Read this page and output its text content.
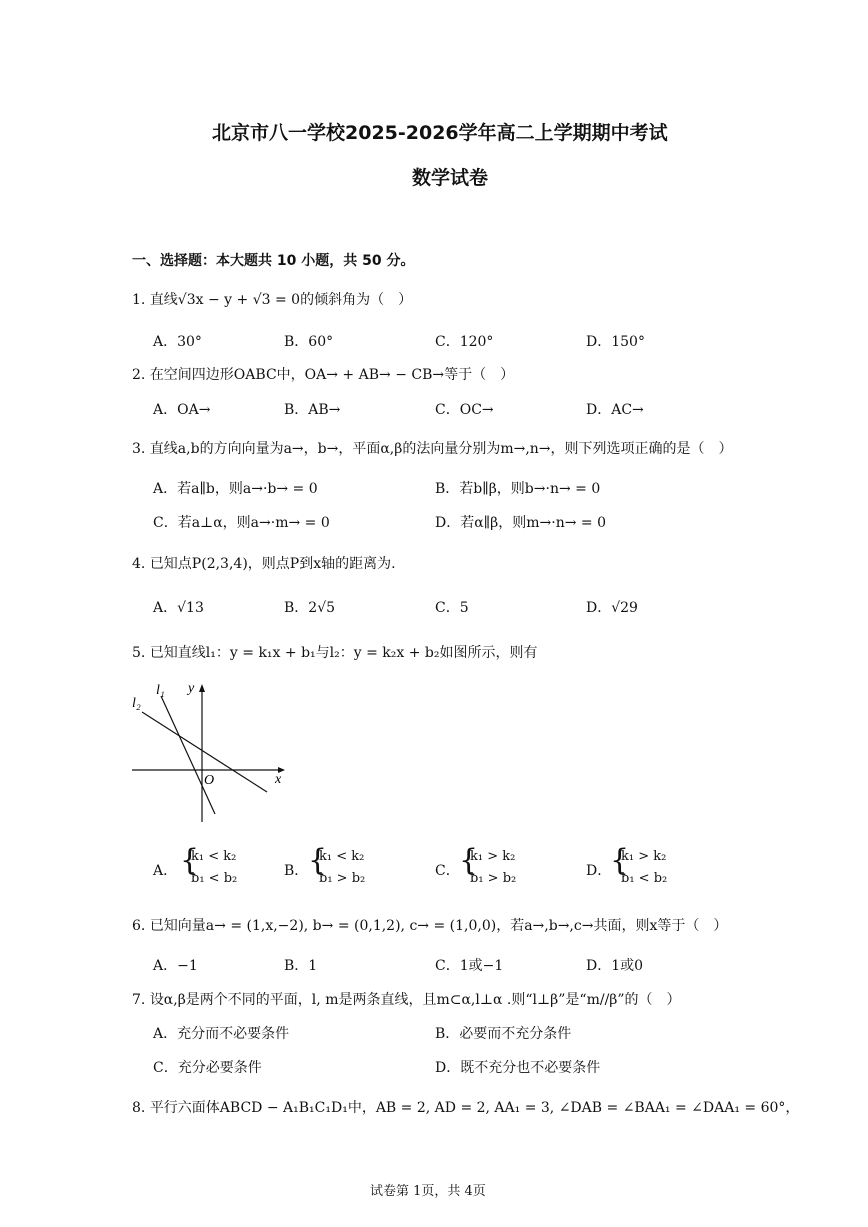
北京市八一学校2025-2026学年高二上学期期中考试
数学试卷
一、选择题：本大题共 10 小题，共 50 分。
1. 直线√3x − y + √3 = 0的倾斜角为（　）
A．30°	B．60°	C．120°	D．150°
2. 在空间四边形OABC中，OA→ + AB→ − CB→等于（　）
A．OA→	B．AB→	C．OC→	D．AC→
3. 直线a,b的方向向量为a→，b→，平面α,β的法向量分别为m→,n→，则下列选项正确的是（　）
A．若a∥b，则a→·b→ = 0	B．若b∥β，则b→·n→ = 0
C．若a⊥α，则a→·m→ = 0	D．若α∥β，则m→·n→ = 0
4. 已知点P(2,3,4)，则点P到x轴的距离为.
A．√13	B．2√5	C．5	D．√29
5. 已知直线l₁：y = k₁x + b₁与l₂：y = k₂x + b₂如图所示，则有
l₁
l₂
y
x
O
A． {
k₁ < k₂
b₁ < b₂	B． {
k₁ < k₂
b₁ > b₂	C． {
k₁ > k₂
b₁ > b₂	D．
{
k₁ > k₂
b₁ < b₂
6. 已知向量a→ = (1,x,−2), b→ = (0,1,2), c→ = (1,0,0)，若a→,b→,c→共面，则x等于（　）
A．−1	B．1	C．1或−1	D．1或0
7. 设α,β是两个不同的平面，l, m是两条直线，且m⊂α,l⊥α .则“l⊥β”是“m//β”的（　）
A．充分而不必要条件	B．必要而不充分条件
C．充分必要条件	D．既不充分也不必要条件
8. 平行六面体ABCD − A₁B₁C₁D₁中，AB = 2, AD = 2, AA₁ = 3, ∠DAB = ∠BAA₁ = ∠DAA₁ = 60°，
试卷第 1页，共 4页
